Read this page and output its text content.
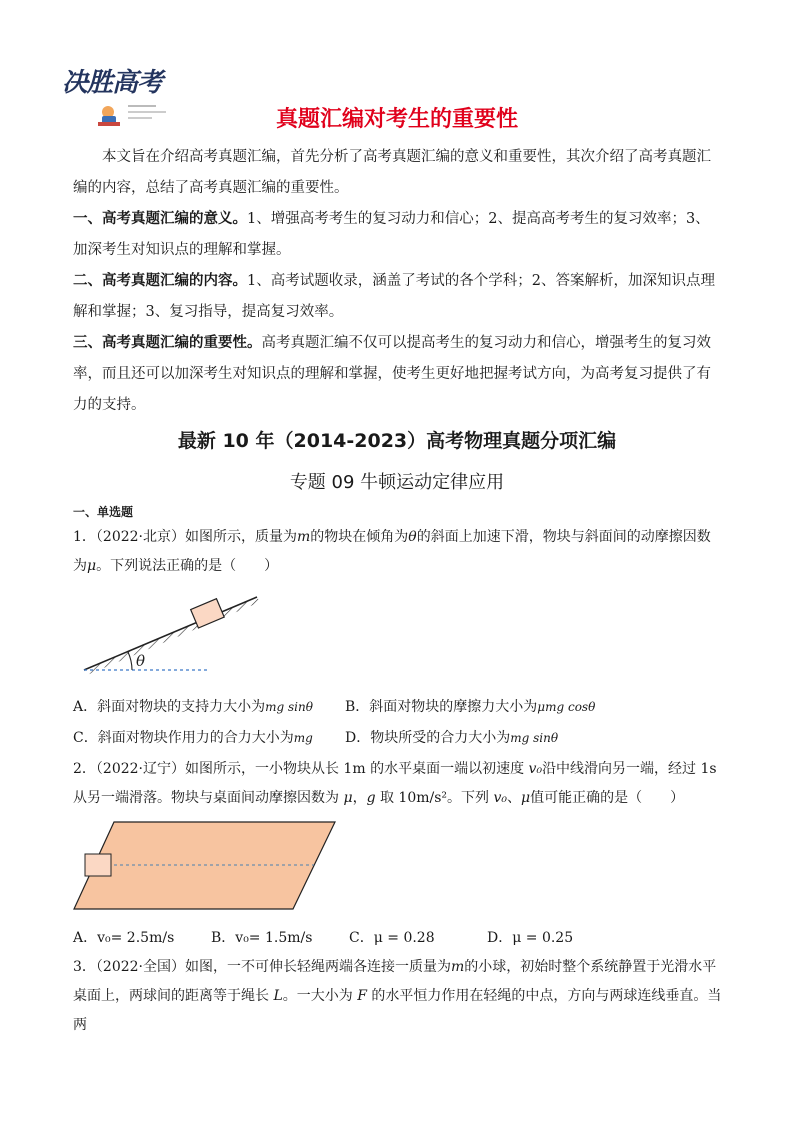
决胜高考
真题汇编对考生的重要性
本文旨在介绍高考真题汇编，首先分析了高考真题汇编的意义和重要性，其次介绍了高考真题汇编的内容，总结了高考真题汇编的重要性。
一、高考真题汇编的意义。1、增强高考考生的复习动力和信心；2、提高高考考生的复习效率；3、加深考生对知识点的理解和掌握。
二、高考真题汇编的内容。1、高考试题收录，涵盖了考试的各个学科；2、答案解析，加深知识点理解和掌握；3、复习指导，提高复习效率。
三、高考真题汇编的重要性。高考真题汇编不仅可以提高考生的复习动力和信心，增强考生的复习效率，而且还可以加深考生对知识点的理解和掌握，使考生更好地把握考试方向，为高考复习提供了有力的支持。
最新 10 年（2014-2023）高考物理真题分项汇编
专题 09 牛顿运动定律应用
一、单选题
1．（2022·北京）如图所示，质量为m的物块在倾角为θ的斜面上加速下滑，物块与斜面间的动摩擦因数为μ。下列说法正确的是（　　）
θ
A．斜面对物块的支持力大小为mg sinθ B．斜面对物块的摩擦力大小为μmg cosθ
C．斜面对物块作用力的合力大小为mg D．物块所受的合力大小为mg sinθ
2．（2022·辽宁）如图所示，一小物块从长 1m 的水平桌面一端以初速度 v₀沿中线滑向另一端，经过 1s 从另一端滑落。物块与桌面间动摩擦因数为 μ，g 取 10m/s²。下列 v₀、μ值可能正确的是（　　）
A．v₀= 2.5m/s	B．v₀= 1.5m/s	C．μ = 0.28	D．μ = 0.25
3．（2022·全国）如图，一不可伸长轻绳两端各连接一质量为m的小球，初始时整个系统静置于光滑水平桌面上，两球间的距离等于绳长 L。一大小为 F 的水平恒力作用在轻绳的中点，方向与两球连线垂直。当两
